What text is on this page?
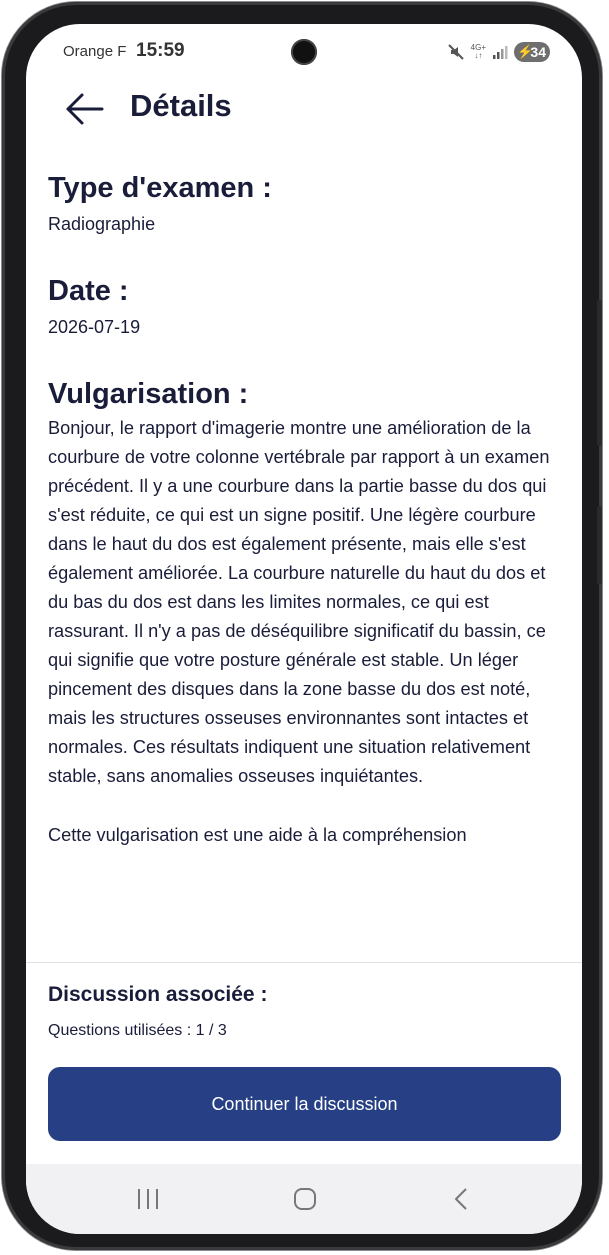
Orange F 15:59	4G+
↓↑	⚡
34
Détails

Type d'examen :

Radiographie

Date :

2026-07-19

Vulgarisation :

Bonjour, le rapport d'imagerie montre une amélioration de la courbure de votre colonne vertébrale par rapport à un examen précédent. Il y a une courbure dans la partie basse du dos qui s'est réduite, ce qui est un signe positif. Une légère courbure dans le haut du dos est également présente, mais elle s'est également améliorée. La courbure naturelle du haut du dos et du bas du dos est dans les limites normales, ce qui est rassurant. Il n'y a pas de déséquilibre significatif du bassin, ce qui signifie que votre posture générale est stable. Un léger pincement des disques dans la zone basse du dos est noté, mais les structures osseuses environnantes sont intactes et normales. Ces résultats indiquent une situation relativement stable, sans anomalies osseuses inquiétantes.

Cette vulgarisation est une aide à la compréhension

Discussion associée :
Questions utilisées : 1 / 3
Continuer la discussion
